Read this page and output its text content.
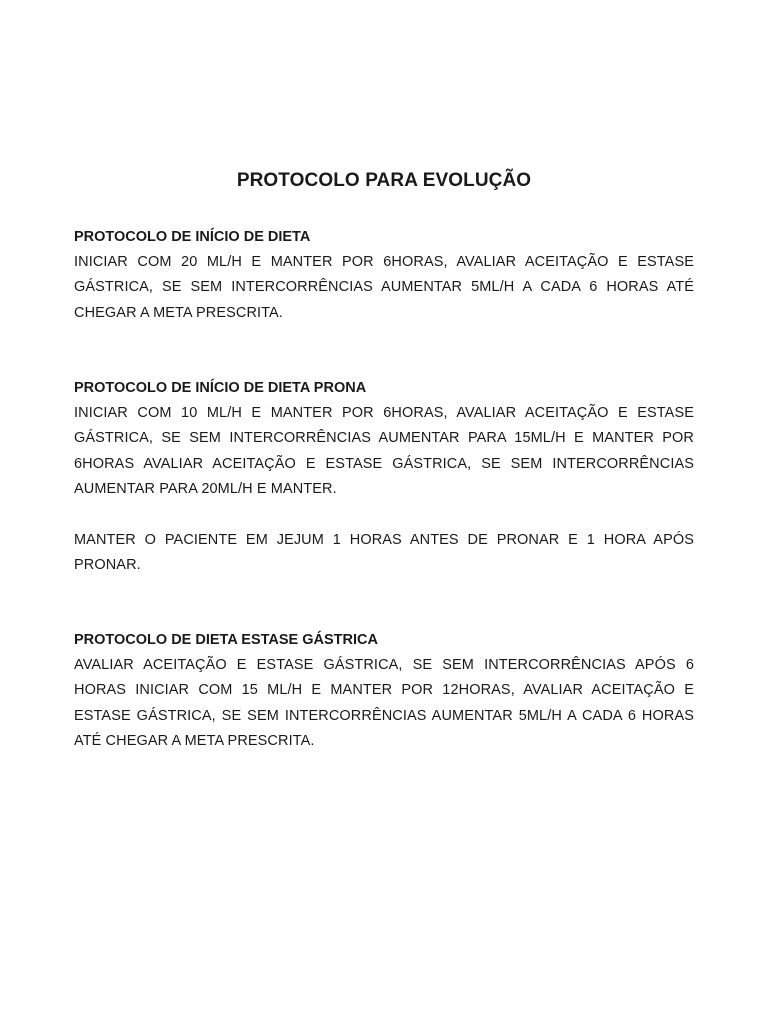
PROTOCOLO PARA EVOLUÇÃO
PROTOCOLO DE INÍCIO DE DIETA

INICIAR COM 20 ML/H E MANTER POR 6HORAS, AVALIAR ACEITAÇÃO E ESTASE GÁSTRICA, SE SEM INTERCORRÊNCIAS AUMENTAR 5ML/H A CADA 6 HORAS ATÉ CHEGAR A META PRESCRITA.

PROTOCOLO DE INÍCIO DE DIETA PRONA

INICIAR COM 10 ML/H E MANTER POR 6HORAS, AVALIAR ACEITAÇÃO E ESTASE GÁSTRICA, SE SEM INTERCORRÊNCIAS AUMENTAR PARA 15ML/H E MANTER POR 6HORAS AVALIAR ACEITAÇÃO E ESTASE GÁSTRICA, SE SEM INTERCORRÊNCIAS AUMENTAR PARA 20ML/H E MANTER.

MANTER O PACIENTE EM JEJUM 1 HORAS ANTES DE PRONAR E 1 HORA APÓS PRONAR.

PROTOCOLO DE DIETA ESTASE GÁSTRICA

AVALIAR ACEITAÇÃO E ESTASE GÁSTRICA, SE SEM INTERCORRÊNCIAS APÓS 6 HORAS INICIAR COM 15 ML/H E MANTER POR 12HORAS, AVALIAR ACEITAÇÃO E ESTASE GÁSTRICA, SE SEM INTERCORRÊNCIAS AUMENTAR 5ML/H A CADA 6 HORAS ATÉ CHEGAR A META PRESCRITA.
